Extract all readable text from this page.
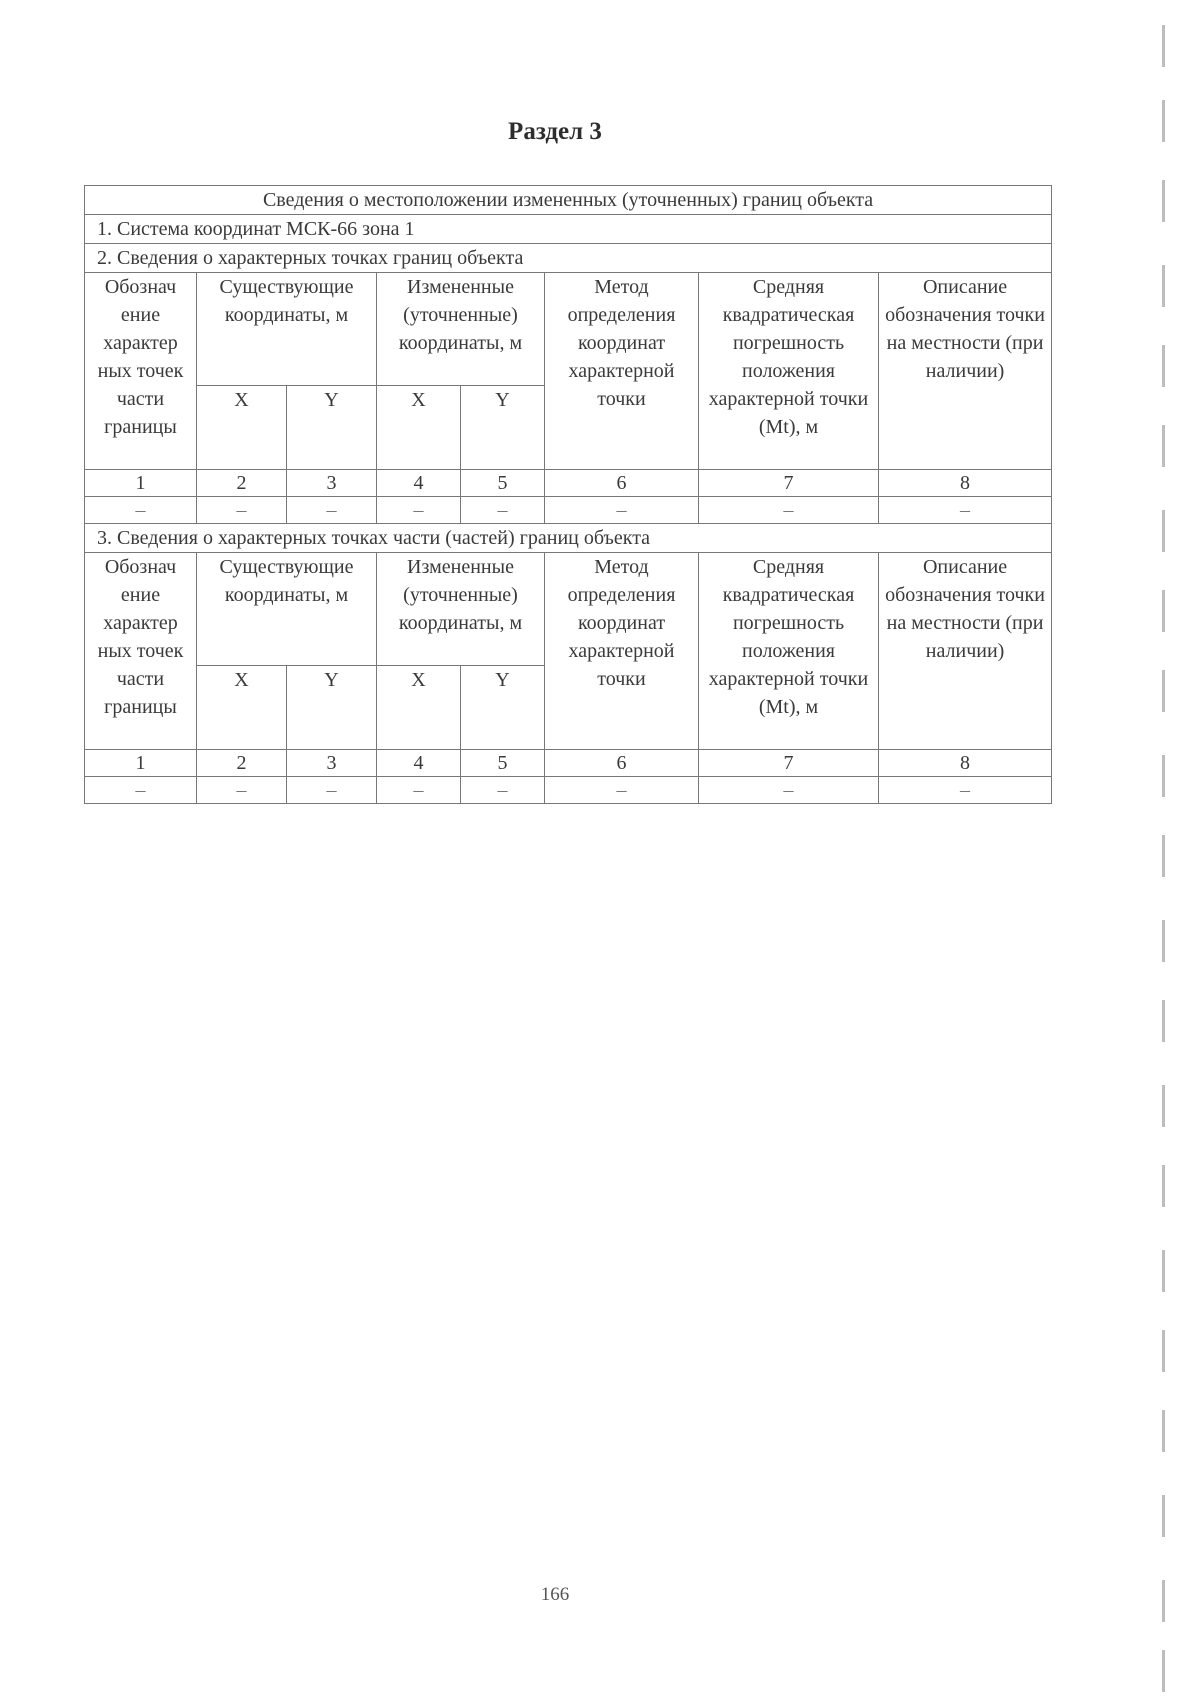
Раздел 3
Сведения о местоположении измененных (уточненных) границ объекта							
1. Система координат МСК-66 зона 1							
2. Сведения о характерных точках границ объекта							
Обознач ение характер ных точек части границы	Существующие координаты, м		Измененные (уточненные) координаты, м		Метод определения координат характерной точки	Средняя квадратическая погрешность положения характерной точки (Mt), м	Описание обозначения точки на местности (при наличии)
	X	Y	X	Y			
1	2	3	4	5	6	7	8
–	–	–	–	–	–	–	–
3. Сведения о характерных точках части (частей) границ объекта							
Обознач ение характер ных точек части границы	Существующие координаты, м		Измененные (уточненные) координаты, м		Метод определения координат характерной точки	Средняя квадратическая погрешность положения характерной точки (Mt), м	Описание обозначения точки на местности (при наличии)
	X	Y	X	Y			
1	2	3	4	5	6	7	8
–	–	–	–	–	–	–	–
166
